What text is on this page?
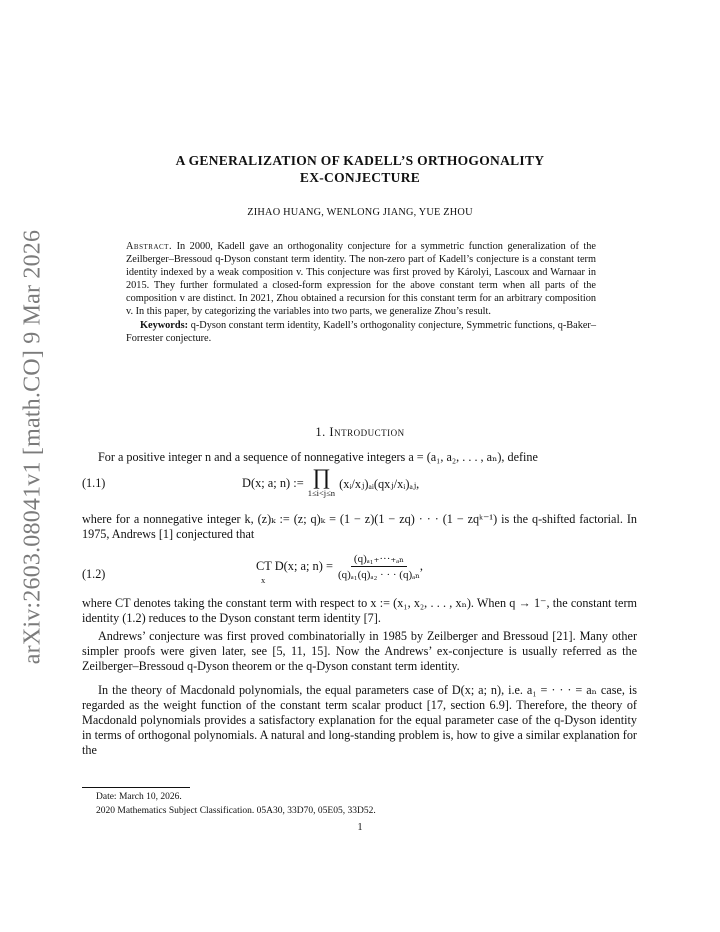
arXiv:2603.08041v1 [math.CO] 9 Mar 2026
A GENERALIZATION OF KADELL’S ORTHOGONALITY
EX-CONJECTURE
ZIHAO HUANG, WENLONG JIANG, YUE ZHOU
Abstract. In 2000, Kadell gave an orthogonality conjecture for a symmetric function generalization of the Zeilberger–Bressoud q-Dyson constant term identity. The non-zero part of Kadell’s conjecture is a constant term identity indexed by a weak composition v. This conjecture was first proved by Károlyi, Lascoux and Warnaar in 2015. They further formulated a closed-form expression for the above constant term when all parts of the composition v are distinct. In 2021, Zhou obtained a recursion for this constant term for an arbitrary composition v. In this paper, by categorizing the variables into two parts, we generalize Zhou’s result.
Keywords: q-Dyson constant term identity, Kadell’s orthogonality conjecture, Symmetric functions, q-Baker–Forrester conjecture.
1. Introduction
For a positive integer n and a sequence of nonnegative integers a = (a₁, a₂, . . . , aₙ), define
(1.1)	D(x; a; n) := ∏
1≤i<j≤n
(xᵢ/xⱼ)ₐᵢ(qxⱼ/xᵢ)ₐⱼ,
where for a nonnegative integer k, (z)ₖ := (z; q)ₖ = (1 − z)(1 − zq) · · · (1 − zqᵏ⁻¹) is the q-shifted factorial. In 1975, Andrews [1] conjectured that
(1.2)
CT D(x; a; n) =
x	$\frac{\text{(q)ₐ₁₊···₊ₐₙ}}{\text{(q)ₐ₁(q)ₐ₂ · · · (q)ₐₙ}}$ ,
where CT denotes taking the constant term with respect to x := (x₁, x₂, . . . , xₙ). When q → 1⁻, the constant term identity (1.2) reduces to the Dyson constant term identity [7].
Andrews’ conjecture was first proved combinatorially in 1985 by Zeilberger and Bressoud [21]. Many other simpler proofs were given later, see [5, 11, 15]. Now the Andrews’ ex-conjecture is usually referred as the Zeilberger–Bressoud q-Dyson theorem or the q-Dyson constant term identity.
In the theory of Macdonald polynomials, the equal parameters case of D(x; a; n), i.e. a₁ = · · · = aₙ case, is regarded as the weight function of the constant term scalar product [17, section 6.9]. Therefore, the theory of Macdonald polynomials provides a satisfactory explanation for the equal parameter case of the q-Dyson identity in terms of orthogonal polynomials. A natural and long-standing problem is, how to give a similar explanation for the
Date: March 10, 2026.
2020 Mathematics Subject Classification. 05A30, 33D70, 05E05, 33D52.
1
